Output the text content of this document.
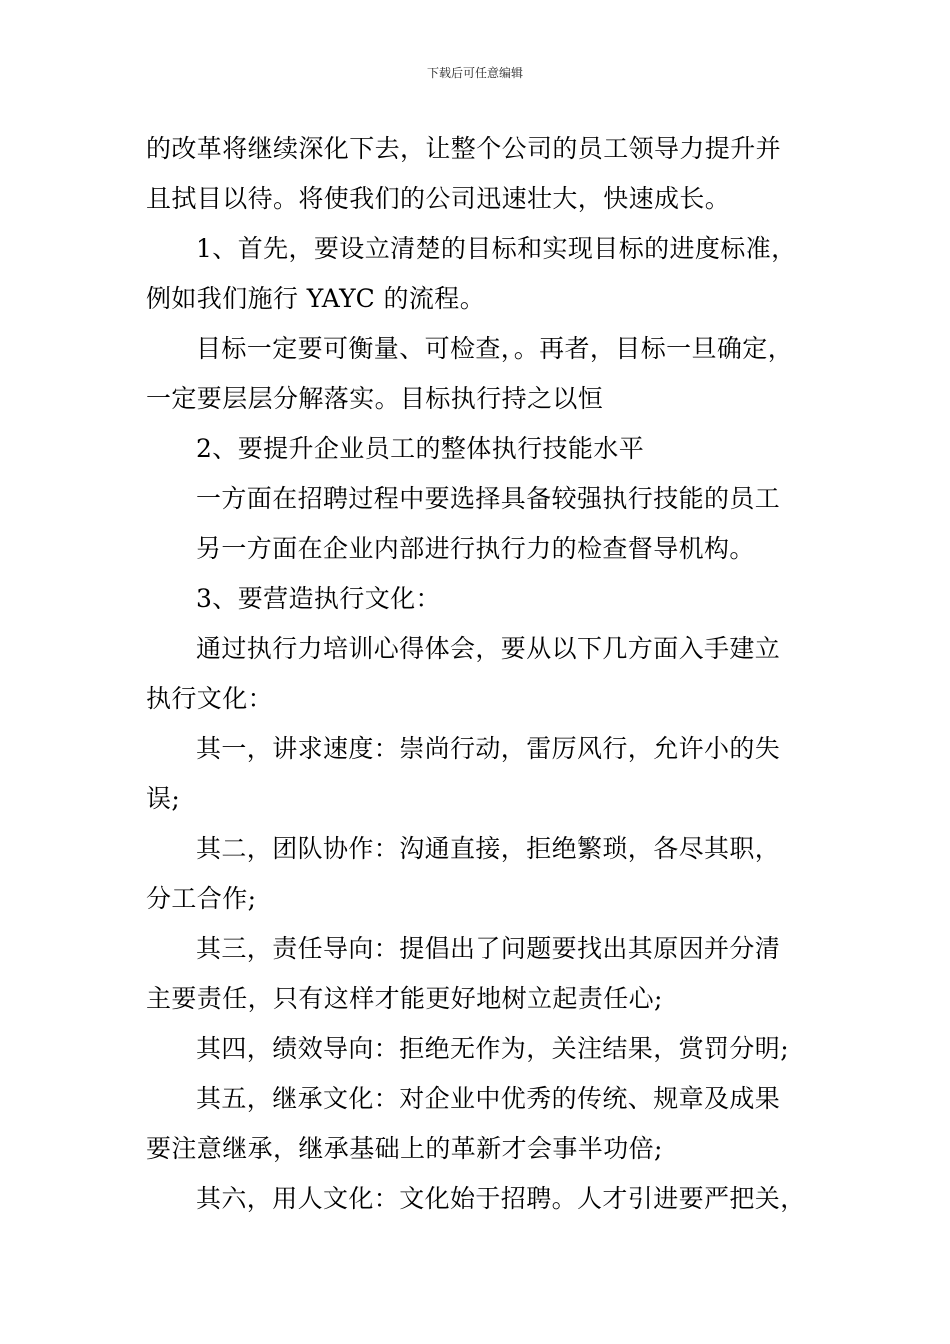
下载后可任意编辑

的改革将继续深化下去，让整个公司的员工领导力提升并

且拭目以待。将使我们的公司迅速壮大，快速成长。

1、首先，要设立清楚的目标和实现目标的进度标准，

例如我们施行 YAYC 的流程。

目标一定要可衡量、可检查，。再者，目标一旦确定，

一定要层层分解落实。目标执行持之以恒

2、要提升企业员工的整体执行技能水平

一方面在招聘过程中要选择具备较强执行技能的员工

另一方面在企业内部进行执行力的检查督导机构。

3、要营造执行文化：

通过执行力培训心得体会，要从以下几方面入手建立

执行文化：

其一，讲求速度：崇尚行动，雷厉风行，允许小的失

误;

其二，团队协作：沟通直接，拒绝繁琐，各尽其职，

分工合作;

其三，责任导向：提倡出了问题要找出其原因并分清

主要责任，只有这样才能更好地树立起责任心;

其四，绩效导向：拒绝无作为，关注结果，赏罚分明;

其五，继承文化：对企业中优秀的传统、规章及成果

要注意继承，继承基础上的革新才会事半功倍;

其六，用人文化：文化始于招聘。人才引进要严把关，
